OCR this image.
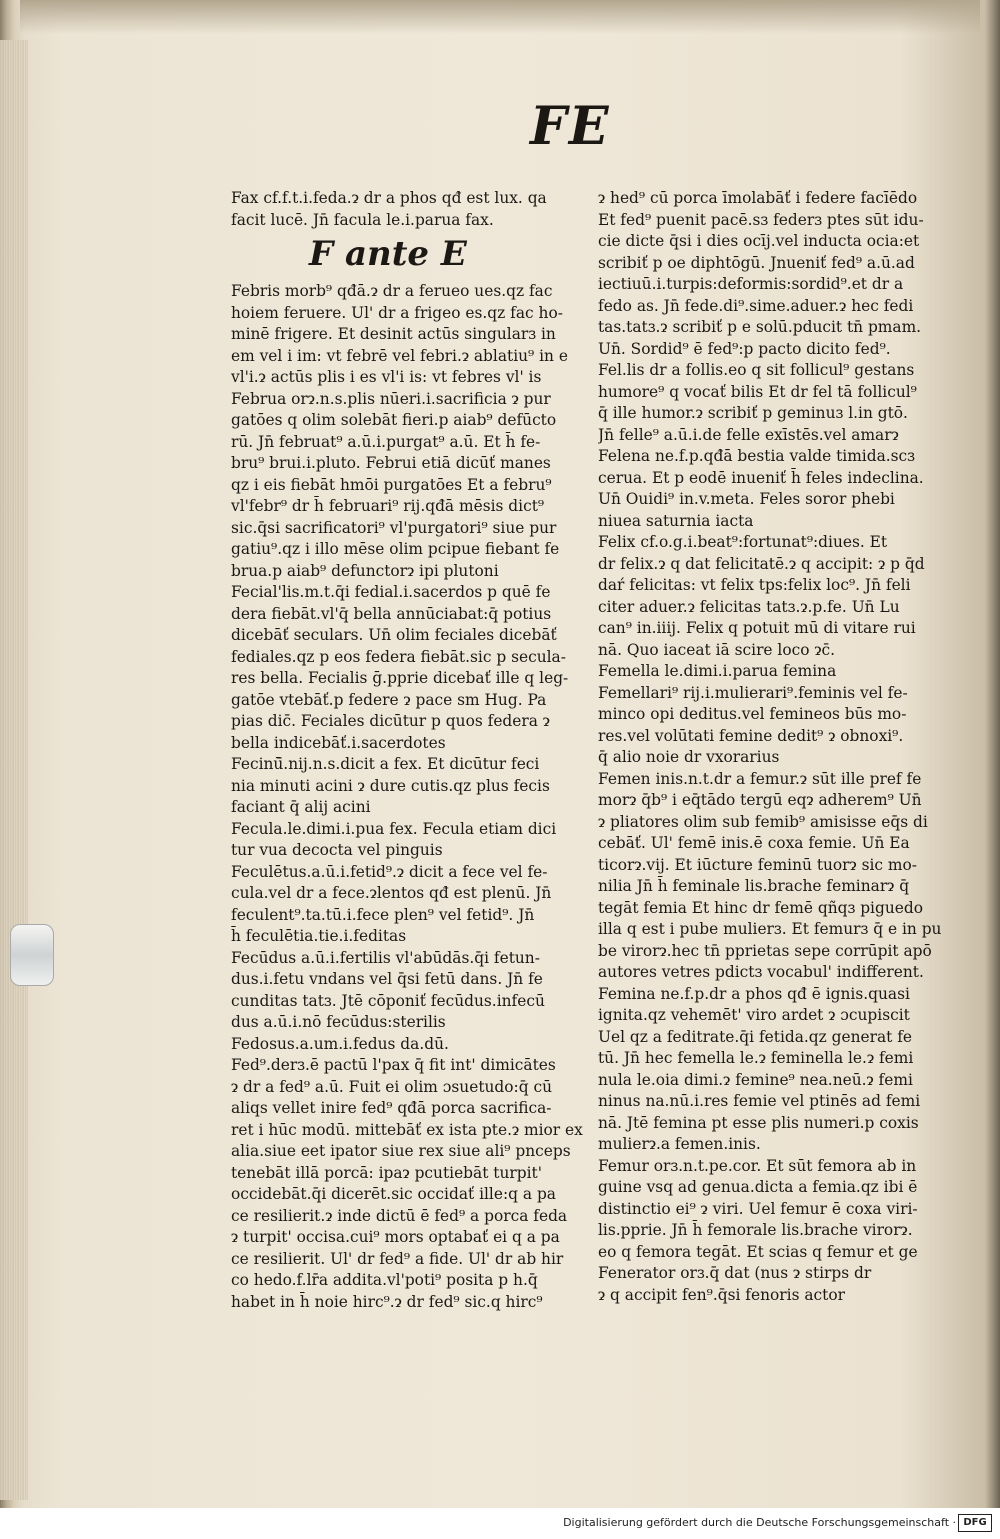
FE
Fax cf.f.t.i.feda.ɂ dr a phos qđ est lux. qa
facit lucē. Jn̄ facula le.i.parua fax.
F ante E
Febris morb⁹ qđā.ɂ dr a ferueo ues.qz fac
hoiem feruere. Ul' dr a frigeo es.qz fac ho-
minē frigere. Et desinit actūs singularɜ in
em vel i im: vt febrē vel febri.ɂ ablatiu⁹ in e
vl'i.ɂ actūs plis i es vl'i is: vt febres vl' is
Februa orɂ.n.s.plis nūeri.i.sacrificia ɂ pur
gatōes q olim solebāt fieri.p aiab⁹ defūcto
rū. Jn̄ februat⁹ a.ū.i.purgat⁹ a.ū. Et h̄ fe-
bru⁹ brui.i.pluto. Februi etiā dicūť manes
qz i eis fiebāt hmōi purgatōes Et a febru⁹
vl'febr⁹ dr h̄ februari⁹ rij.qđā mēsis dict⁹
sic.q̄si sacrificatori⁹ vl'purgatori⁹ siue pur
gatiu⁹.qz i illo mēse olim pcipue fiebant fe
brua.p aiab⁹ defunctorɂ ipi plutoni
Fecial'lis.m.t.q̄i fedial.i.sacerdos p quē fe
dera fiebāt.vl'q̄ bella annūciabat:q̄ potius
dicebāť seculars. Un̄ olim feciales dicebāť
fediales.qz p eos federa fiebāt.sic p secula-
res bella. Fecialis ḡ.pprie dicebať ille q leg-
gatōe vtebāť.p federe ɂ pace sm Hug. Pa
pias dic̄. Feciales dicūtur p quos federa ɂ
bella indicebāť.i.sacerdotes
Fecinū̄.nij.n.s.dicit a fex. Et dicūtur feci
nia minuti acini ɂ dure cutis.qz plus fecis
faciant q̄ alij acini
Fecula.le.dimi.i.pua fex. Fecula etiam dici
tur vua decocta vel pinguis
Feculētus.a.ū.i.fetid⁹.ɂ dicit a fece vel fe-
cula.vel dr a fece.ɂlentos qđ est plenū. Jn̄
feculent⁹.ta.tū.i.fece plen⁹ vel fetid⁹. Jn̄
h̄ feculētia.tie.i.feditas
Fecūdus a.ū.i.fertilis vl'abūdās.q̄i fetun-
dus.i.fetu vndans vel q̄si fetū dans. Jn̄ fe
cunditas tatɜ. Jtē cōponiť fecūdus.infecū
dus a.ū.i.nō fecūdus:sterilis
Fedosus.a.um.i.fedus da.dū.
Fed⁹.derɜ.ē pactū l'pax q̄ fit int' dimicātes
ɂ dr a fed⁹ a.ū. Fuit ei olim ɔsuetudo:q̄ cū
aliqs vellet inire fed⁹ qđā porca sacrifica-
ret i hūc modū. mittebāť ex ista pte.ɂ mior ex
alia.siue eet ipator siue rex siue ali⁹ pnceps
tenebāt illā porcā: ipaɂ pcutiebāt turpit'
occidebāt.q̄i dicerēt.sic occidať ille:q a pa
ce resilierit.ɂ inde dictū ē fed⁹ a porca feda
ɂ turpit' occisa.cui⁹ mors optabať ei q a pa
ce resilierit. Ul' dr fed⁹ a fide. Ul' dr ab hir
co hedo.f.lr̄a addita.vl'poti⁹ posita p h.q̄
habet in h̄ noie hirc⁹.ɂ dr fed⁹ sic.q hirc⁹
ɂ hed⁹ cū porca īmolabāť i federe facīēdo
Et fed⁹ puenit pacē.sɜ federɜ ptes sūt idu-
cie dicte q̄si i dies ocīj.vel inducta ocia:et
scribiť p oe diphtōgū. Jnueniť fed⁹ a.ū.ad
iectiuū.i.turpis:deformis:sordid⁹.et dr a
fedo as. Jn̄ fede.di⁹.sime.aduer.ɂ hec fedi
tas.tatɜ.ɂ scribiť p e solū.pducit tn̄ pmam.
Un̄. Sordid⁹ ē fed⁹:p pacto dicito fed⁹.
Fel.lis dr a follis.eo q sit follicul⁹ gestans
humore⁹ q vocať bilis Et dr fel tā follicul⁹
q̄ ille humor.ɂ scribiť p geminuɜ l.in gtō.
Jn̄ felle⁹ a.ū.i.de felle exīstēs.vel amarɂ
Felena ne.f.p.qđā bestia valde timida.scɜ
cerua. Et p eodē inueniť h̄ feles indeclina.
Un̄ Ouidi⁹ in.v.meta. Feles soror phebi
niuea saturnia iacta
Felix cf.o.g.i.beat⁹:fortunat⁹:diues. Et
dr felix.ɂ q dat felicitatē.ɂ q accipit: ɂ p q̄d
daŕ felicitas: vt felix tps:felix loc⁹. Jn̄ feli
citer aduer.ɂ felicitas tatɜ.ɂ.p.fe. Un̄ Lu
can⁹ in.iiij. Felix q potuit mū di vitare rui
nā. Quo iaceat iā scire loco ɂc̄.
Femella le.dimi.i.parua femina
Femellari⁹ rij.i.mulierari⁹.feminis vel fe-
minco opi deditus.vel femineos būs mo-
res.vel volūtati femine dedit⁹ ɂ obnoxi⁹.
q̄ alio noie dr vxorarius
Femen inis.n.t.dr a femur.ɂ sūt ille pref fe
morɂ q̄b⁹ i eq̄tādo tergū eqɂ adherem⁹ Un̄
ɂ pliatores olim sub femib⁹ amisisse eq̄s di
cebāť. Ul' femē inis.ē coxa femie. Un̄ Ea
ticorɂ.vij. Et iūcture feminū tuorɂ sic mo-
nilia Jn̄ h̄ feminale lis.brache feminarɂ q̄
tegāt femia Et hinc dr femē qñqɜ piguedo
illa q est i pube mulierɜ. Et femurɜ q̄ e in pu
be virorɂ.hec tn̄ pprietas sepe corrūpit apō
autores vetres pdictɜ vocabul' indifferent.
Femina ne.f.p.dr a phos qđ ē ignis.quasi
ignita.qz vehemēt' viro ardet ɂ ɔcupiscit
Uel qz a feditrate.q̄i fetida.qz generat fe
tū. Jn̄ hec femella le.ɂ feminella le.ɂ femi
nula le.oia dimi.ɂ femine⁹ nea.neū.ɂ femi
ninus na.nū.i.res femie vel ptinēs ad femi
nā. Jtē femina pt esse plis numeri.p coxis
mulierɂ.a femen.inis.
Femur orɜ.n.t.pe.cor. Et sūt femora ab in
guine vsq ad genua.dicta a femia.qz ibi ē
distinctio ei⁹ ɂ viri. Uel femur ē coxa viri-
lis.pprie. Jn̄ h̄ femorale lis.brache virorɂ.
eo q femora tegāt. Et scias q femur et ge
Fenerator orɜ.q̄ dat (nus ɂ stirps dr
ɂ q accipit fen⁹.q̄si fenoris actor
Digitalisierung gefördert durch die Deutsche Forschungsgemeinschaft · DFG
